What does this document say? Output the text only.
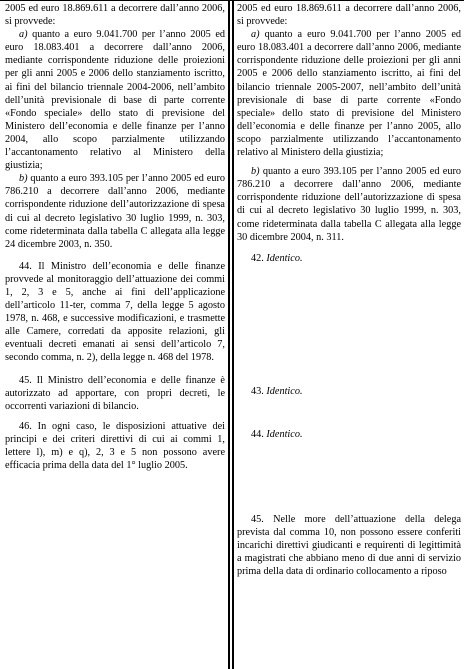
2005 ed euro 18.869.611 a decorrere dall’anno 2006, si provvede:

a) quanto a euro 9.041.700 per l’anno 2005 ed euro 18.083.401 a decorrere dall’anno 2006, mediante corrispondente riduzione delle proiezioni per gli anni 2005 e 2006 dello stanziamento iscritto, ai fini del bilancio triennale 2004-2006, nell’ambito dell’unità previsionale di base di parte corrente «Fondo speciale» dello stato di previsione del Ministero dell’economia e delle finanze per l’anno 2004, allo scopo parzialmente utilizzando l’accantonamento relativo al Ministero della giustizia;

b) quanto a euro 393.105 per l’anno 2005 ed euro 786.210 a decorrere dall’anno 2006, mediante corrispondente riduzione dell’autorizzazione di spesa di cui al decreto legislativo 30 luglio 1999, n. 303, come rideterminata dalla tabella C allegata alla legge 24 dicembre 2003, n. 350.

44. Il Ministro dell’economia e delle finanze provvede al monitoraggio dell’attuazione dei commi 1, 2, 3 e 5, anche ai fini dell’applicazione dell’articolo 11-ter, comma 7, della legge 5 agosto 1978, n. 468, e successive modificazioni, e trasmette alle Camere, corredati da apposite relazioni, gli eventuali decreti emanati ai sensi dell’articolo 7, secondo comma, n. 2), della legge n. 468 del 1978.

45. Il Ministro dell’economia e delle finanze è autorizzato ad apportare, con propri decreti, le occorrenti variazioni di bilancio.

46. In ogni caso, le disposizioni attuative dei principi e dei criteri direttivi di cui ai commi 1, lettere l), m) e q), 2, 3 e 5 non possono avere efficacia prima della data del 1° luglio 2005.

2005 ed euro 18.869.611 a decorrere dall’anno 2006, si provvede:

a) quanto a euro 9.041.700 per l’anno 2005 ed euro 18.083.401 a decorrere dall’anno 2006, mediante corrispondente riduzione delle proiezioni per gli anni 2005 e 2006 dello stanziamento iscritto, ai fini del bilancio triennale 2005-2007, nell’ambito dell’unità previsionale di base di parte corrente «Fondo speciale» dello stato di previsione del Ministero dell’economia e delle finanze per l’anno 2005, allo scopo parzialmente utilizzando l’accantonamento relativo al Ministero della giustizia;

b) quanto a euro 393.105 per l’anno 2005 ed euro 786.210 a decorrere dall’anno 2006, mediante corrispondente riduzione dell’autorizzazione di spesa di cui al decreto legislativo 30 luglio 1999, n. 303, come rideterminata dalla tabella C allegata alla legge 30 dicembre 2004, n. 311.

42. Identico.

43. Identico.

44. Identico.

45. Nelle more dell’attuazione della delega prevista dal comma 10, non possono essere conferiti incarichi direttivi giudicanti e requirenti di legittimità a magistrati che abbiano meno di due anni di servizio prima della data di ordinario collocamento a riposo
